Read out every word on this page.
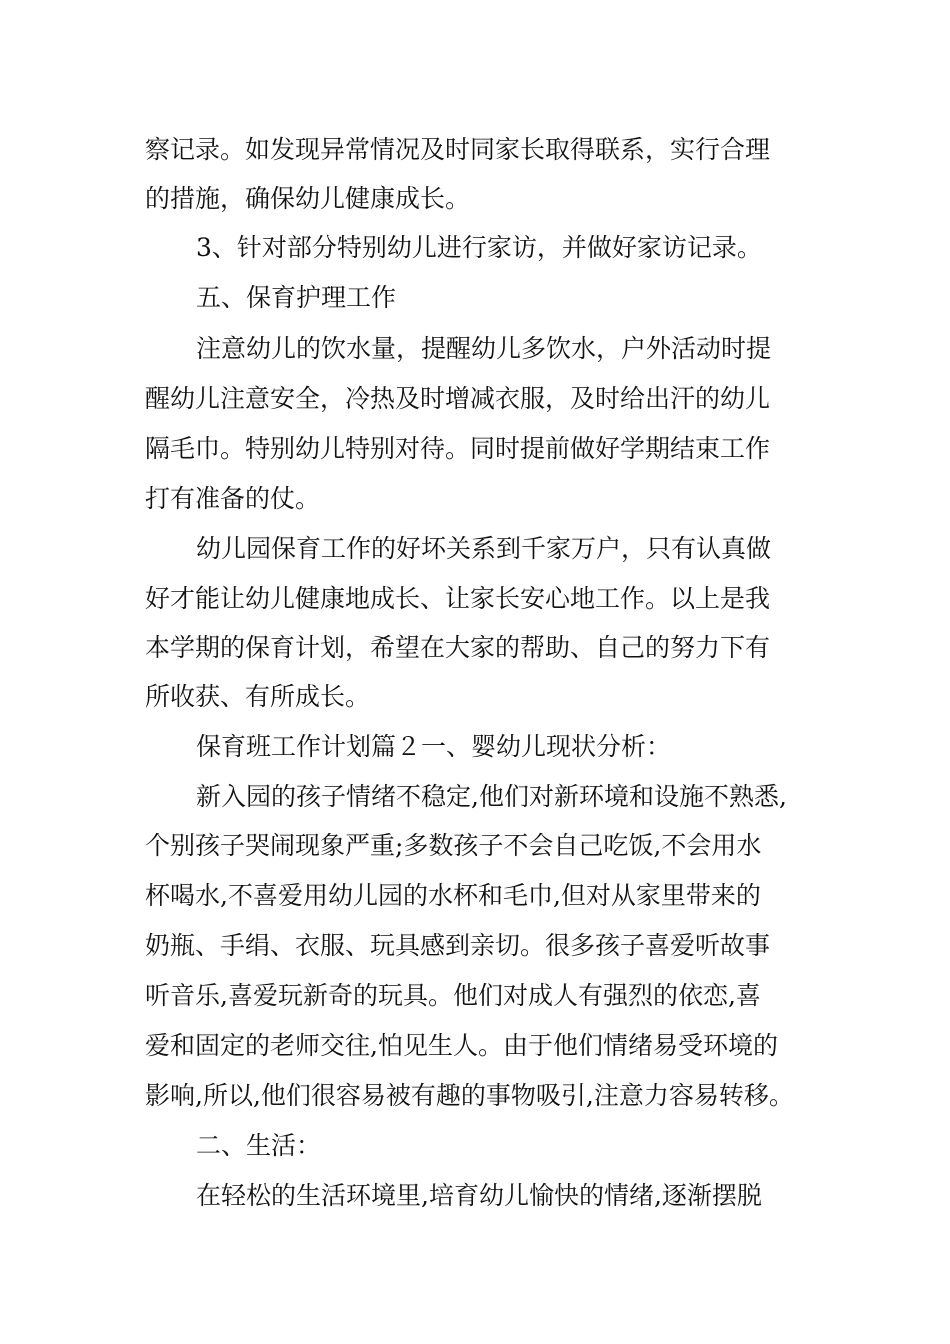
察记录。如发现异常情况及时同家长取得联系，实行合理
的措施，确保幼儿健康成长。
3、针对部分特别幼儿进行家访，并做好家访记录。
五、保育护理工作
注意幼儿的饮水量，提醒幼儿多饮水，户外活动时提
醒幼儿注意安全，冷热及时增减衣服，及时给出汗的幼儿
隔毛巾。特别幼儿特别对待。同时提前做好学期结束工作
打有准备的仗。
幼儿园保育工作的好坏关系到千家万户，只有认真做
好才能让幼儿健康地成长、让家长安心地工作。以上是我
本学期的保育计划，希望在大家的帮助、自己的努力下有
所收获、有所成长。
保育班工作计划篇２一、婴幼儿现状分析：
新入园的孩子情绪不稳定,他们对新环境和设施不熟悉,
个别孩子哭闹现象严重;多数孩子不会自己吃饭,不会用水
杯喝水,不喜爱用幼儿园的水杯和毛巾,但对从家里带来的
奶瓶、手绢、衣服、玩具感到亲切。很多孩子喜爱听故事
听音乐,喜爱玩新奇的玩具。他们对成人有强烈的依恋,喜
爱和固定的老师交往,怕见生人。由于他们情绪易受环境的
影响,所以,他们很容易被有趣的事物吸引,注意力容易转移。
二、生活：
在轻松的生活环境里,培育幼儿愉快的情绪,逐渐摆脱
